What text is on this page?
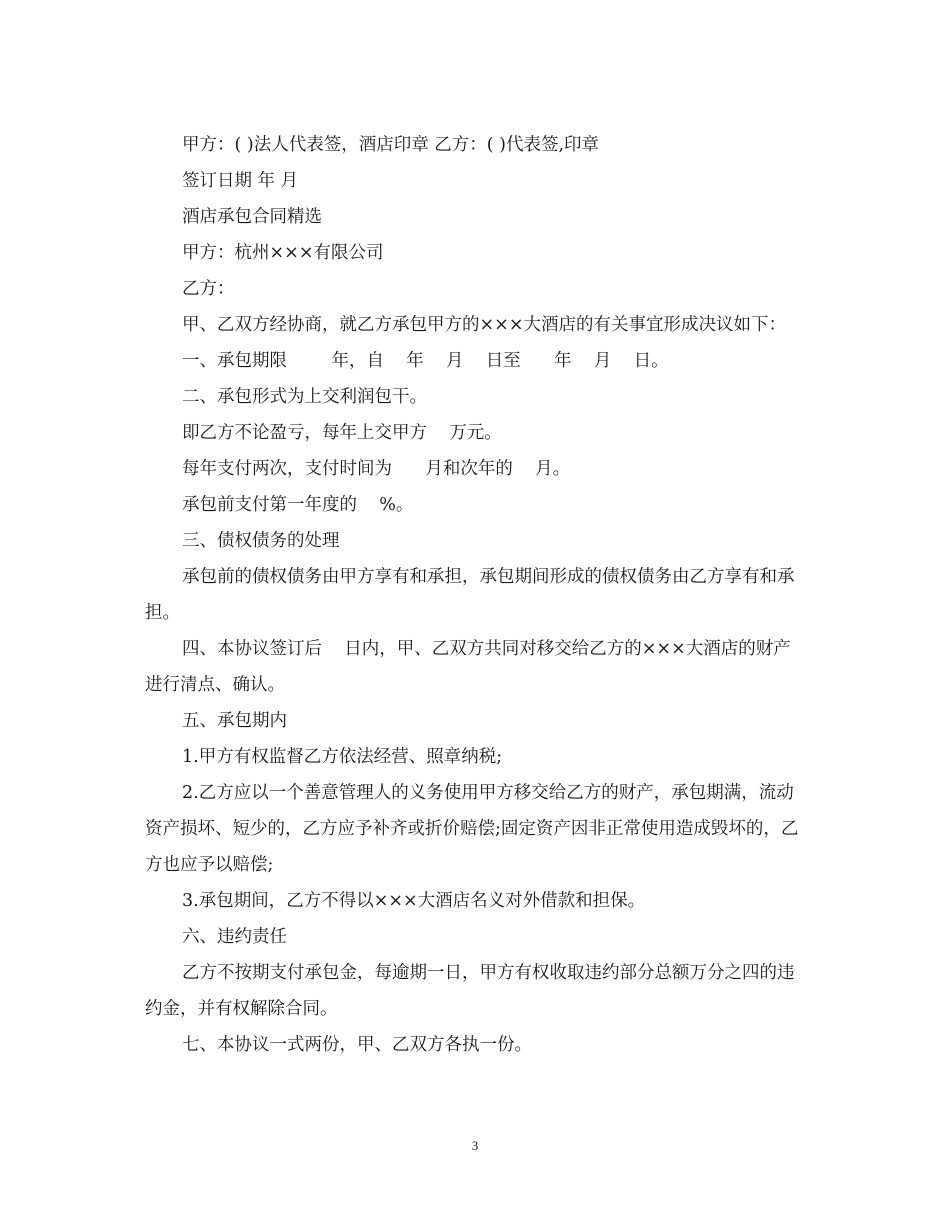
甲方：( )法人代表签，酒店印章 乙方：( )代表签,印章

签订日期 年 月

酒店承包合同精选

甲方：杭州×××有限公司

乙方：

甲、乙双方经协商，就乙方承包甲方的×××大酒店的有关事宜形成决议如下：

一、承包期限        年，自    年    月    日至      年    月    日。

二、承包形式为上交利润包干。

即乙方不论盈亏，每年上交甲方    万元。

每年支付两次，支付时间为      月和次年的    月。

承包前支付第一年度的    %。

三、债权债务的处理

承包前的债权债务由甲方享有和承担，承包期间形成的债权债务由乙方享有和承担。

四、本协议签订后    日内，甲、乙双方共同对移交给乙方的×××大酒店的财产进行清点、确认。

五、承包期内

1.甲方有权监督乙方依法经营、照章纳税;

2.乙方应以一个善意管理人的义务使用甲方移交给乙方的财产，承包期满，流动资产损坏、短少的，乙方应予补齐或折价赔偿;固定资产因非正常使用造成毁坏的，乙方也应予以赔偿;

3.承包期间，乙方不得以×××大酒店名义对外借款和担保。

六、违约责任

乙方不按期支付承包金，每逾期一日，甲方有权收取违约部分总额万分之四的违约金，并有权解除合同。

七、本协议一式两份，甲、乙双方各执一份。

3
